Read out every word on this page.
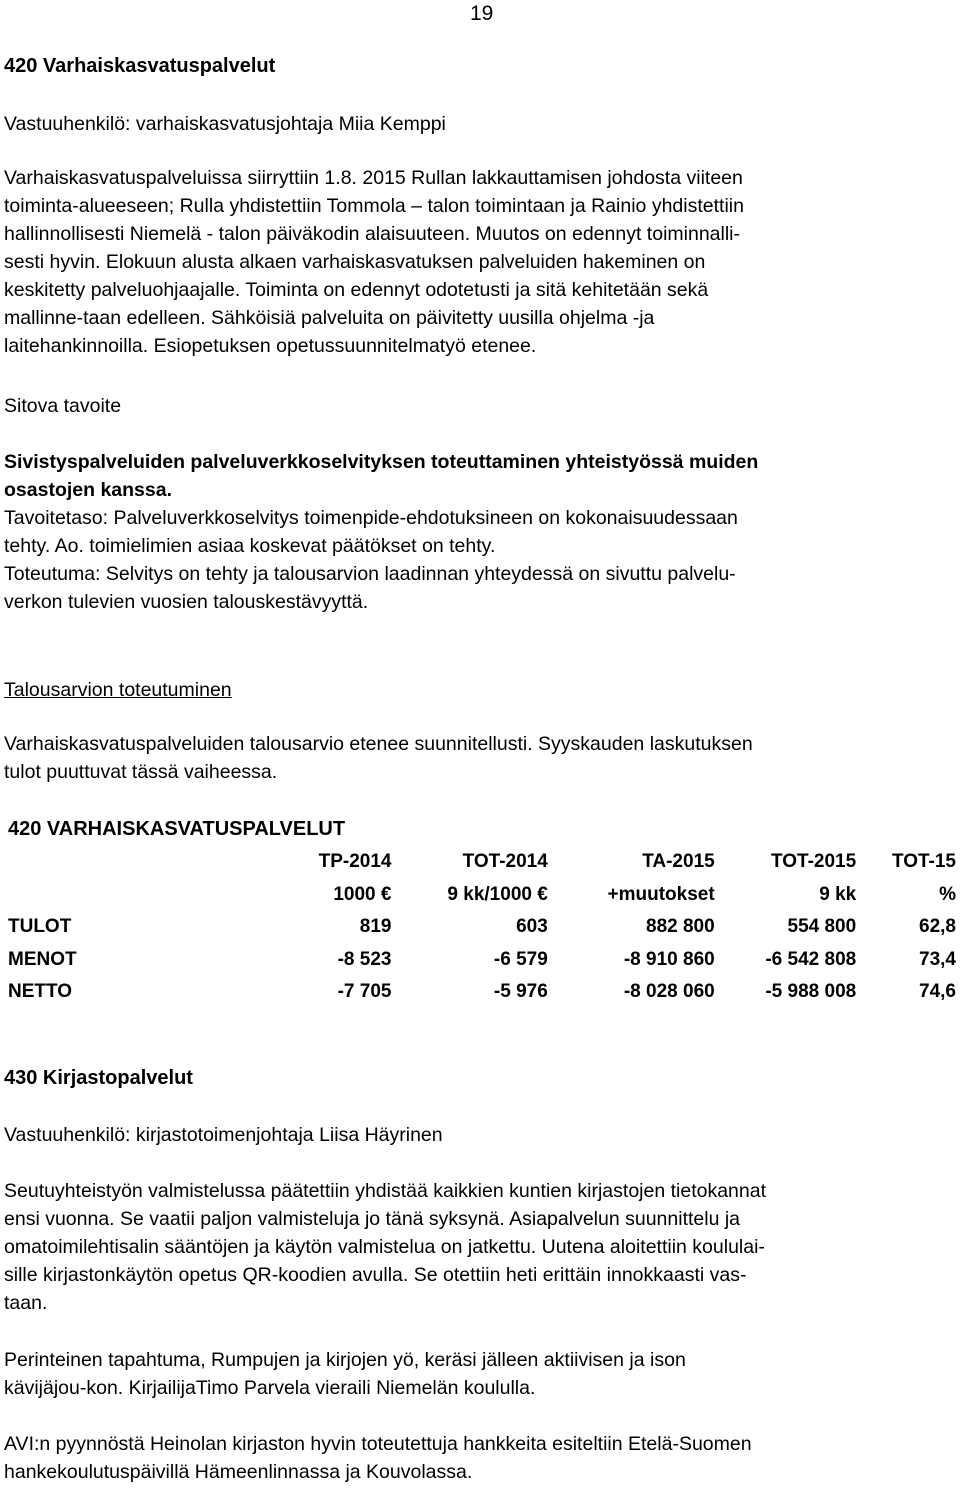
19

420 Varhaiskasvatuspalvelut

Vastuuhenkilö: varhaiskasvatusjohtaja Miia Kemppi

Varhaiskasvatuspalveluissa siirryttiin 1.8. 2015 Rullan lakkauttamisen johdosta viiteen
toiminta-alueeseen; Rulla yhdistettiin Tommola – talon toimintaan ja Rainio yhdistettiin
hallinnollisesti Niemelä - talon päiväkodin alaisuuteen. Muutos on edennyt toiminnalli-
sesti hyvin. Elokuun alusta alkaen varhaiskasvatuksen palveluiden hakeminen on
keskitetty palveluohjaajalle. Toiminta on edennyt odotetusti ja sitä kehitetään sekä
mallinne-taan edelleen. Sähköisiä palveluita on päivitetty uusilla ohjelma -ja
laitehankinnoilla. Esiopetuksen opetussuunnitelmatyö etenee.

Sitova tavoite

Sivistyspalveluiden palveluverkkoselvityksen toteuttaminen yhteistyössä muiden
osastojen kanssa.
Tavoitetaso: Palveluverkkoselvitys toimenpide-ehdotuksineen on kokonaisuudessaan
tehty. Ao. toimielimien asiaa koskevat päätökset on tehty.
Toteutuma: Selvitys on tehty ja talousarvion laadinnan yhteydessä on sivuttu palvelu-
verkon tulevien vuosien talouskestävyyttä.

Talousarvion toteutuminen

Varhaiskasvatuspalveluiden talousarvio etenee suunnitellusti. Syyskauden laskutuksen
tulot puuttuvat tässä vaiheessa.
420 VARHAISKASVATUSPALVELUT					
	TP-2014	TOT-2014	TA-2015	TOT-2015	TOT-15
	1000 €	9 kk/1000 €	+muutokset	9 kk	%
TULOT	819	603	882 800	554 800	62,8
MENOT	-8 523	-6 579	-8 910 860	-6 542 808	73,4
NETTO	-7 705	-5 976	-8 028 060	-5 988 008	74,6

430 Kirjastopalvelut

Vastuuhenkilö: kirjastotoimenjohtaja Liisa Häyrinen

Seutuyhteistyön valmistelussa päätettiin yhdistää kaikkien kuntien kirjastojen tietokannat
ensi vuonna. Se vaatii paljon valmisteluja jo tänä syksynä. Asiapalvelun suunnittelu ja
omatoimilehtisalin sääntöjen ja käytön valmistelua on jatkettu. Uutena aloitettiin koululai-
sille kirjastonkäytön opetus QR-koodien avulla. Se otettiin heti erittäin innokkaasti vas-
taan.
Perinteinen tapahtuma, Rumpujen ja kirjojen yö, keräsi jälleen aktiivisen ja ison
kävijäjou-kon. KirjailijaTimo Parvela vieraili Niemelän koululla.
AVI:n pyynnöstä Heinolan kirjaston hyvin toteutettuja hankkeita esiteltiin Etelä-Suomen
hankekoulutuspäivillä Hämeenlinnassa ja Kouvolassa.
